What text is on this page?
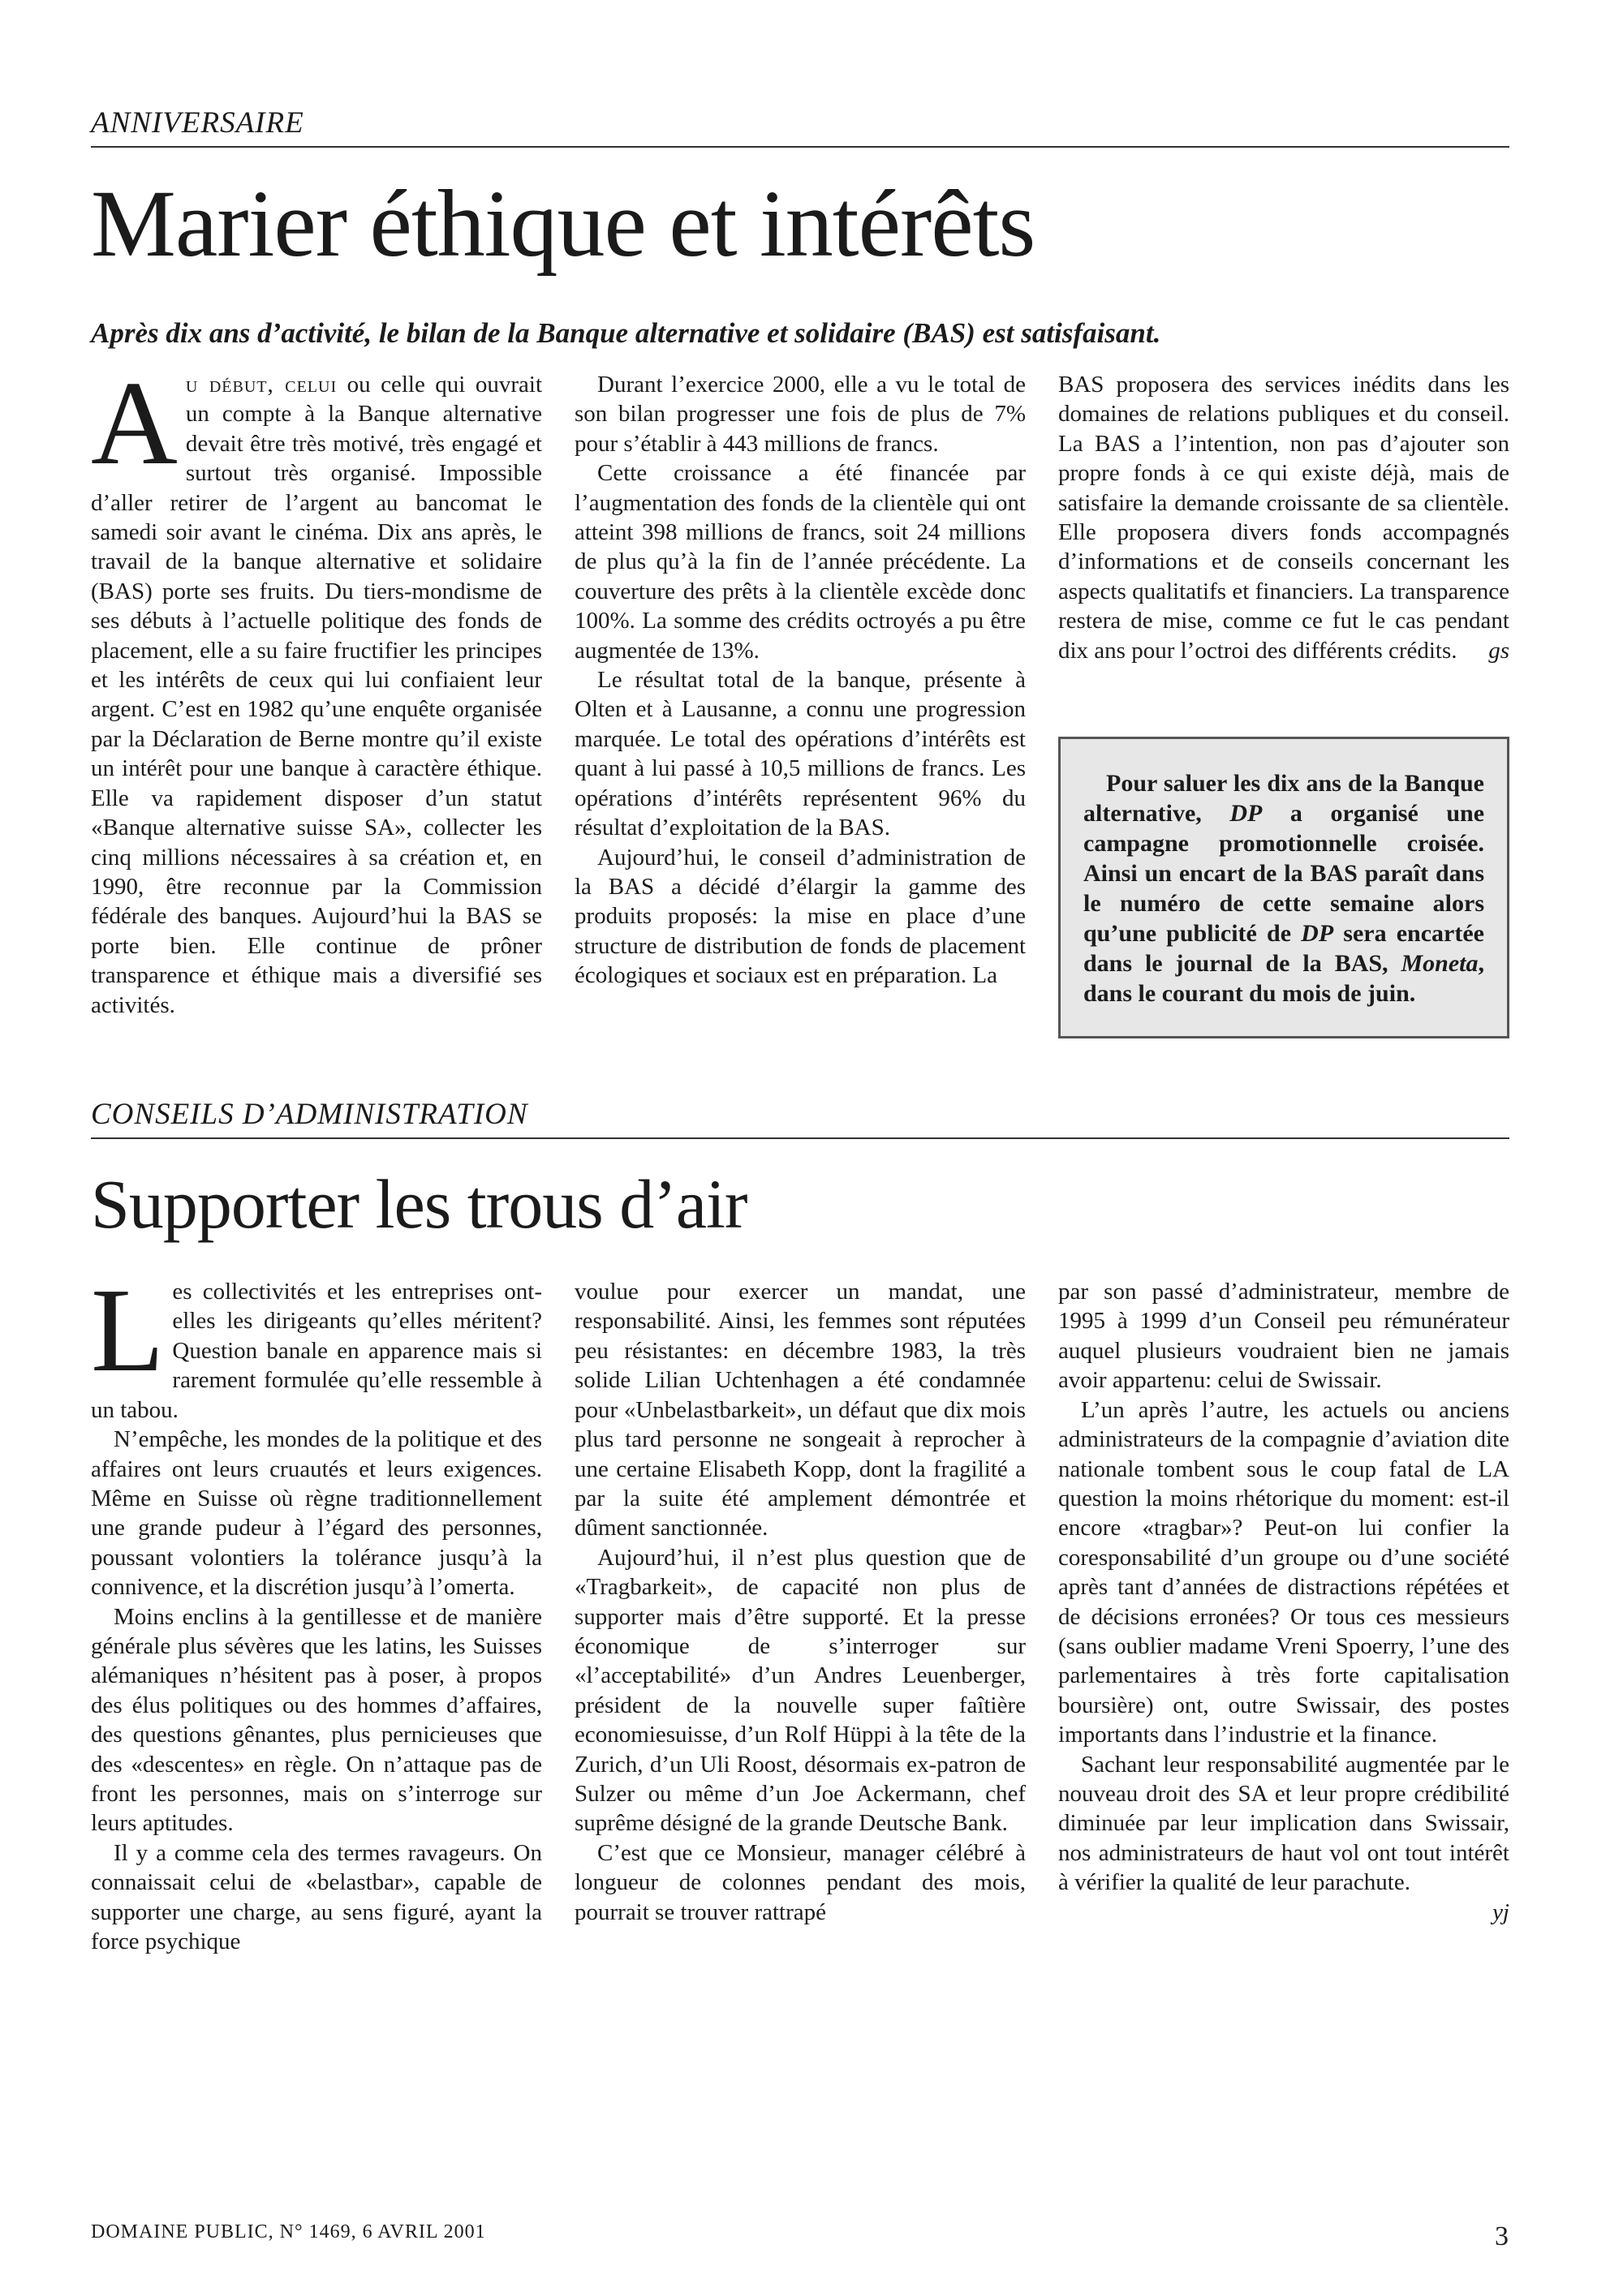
ANNIVERSAIRE
Marier éthique et intérêts
Après dix ans d’activité, le bilan de la Banque alternative et solidaire (BAS) est satisfaisant.

Au début, celui ou celle qui ouvrait un compte à la Banque alternative devait être très motivé, très engagé et surtout très organisé. Impossible d’aller retirer de l’argent au bancomat le samedi soir avant le cinéma. Dix ans après, le travail de la banque alternative et solidaire (BAS) porte ses fruits. Du tiers-mondisme de ses débuts à l’actuelle politique des fonds de placement, elle a su faire fructifier les principes et les intérêts de ceux qui lui confiaient leur argent. C’est en 1982 qu’une enquête organisée par la Déclaration de Berne montre qu’il existe un intérêt pour une banque à caractère éthique. Elle va rapidement disposer d’un statut «Banque alternative suisse SA», collecter les cinq millions nécessaires à sa création et, en 1990, être reconnue par la Commission fédérale des banques. Aujourd’hui la BAS se porte bien. Elle continue de prôner transparence et éthique mais a diversifié ses activités.

Durant l’exercice 2000, elle a vu le total de son bilan progresser une fois de plus de 7% pour s’établir à 443 millions de francs.

Cette croissance a été financée par l’augmentation des fonds de la clientèle qui ont atteint 398 millions de francs, soit 24 millions de plus qu’à la fin de l’année précédente. La couverture des prêts à la clientèle excède donc 100%. La somme des crédits octroyés a pu être augmentée de 13%.

Le résultat total de la banque, présente à Olten et à Lausanne, a connu une progression marquée. Le total des opérations d’intérêts est quant à lui passé à 10,5 millions de francs. Les opérations d’intérêts représentent 96% du résultat d’exploitation de la BAS.

Aujourd’hui, le conseil d’administration de la BAS a décidé d’élargir la gamme des produits proposés: la mise en place d’une structure de distribution de fonds de placement écologiques et sociaux est en préparation. La

BAS proposera des services inédits dans les domaines de relations publiques et du conseil. La BAS a l’intention, non pas d’ajouter son propre fonds à ce qui existe déjà, mais de satisfaire la demande croissante de sa clientèle. Elle proposera divers fonds accompagnés d’informations et de conseils concernant les aspects qualitatifs et financiers. La transparence restera de mise, comme ce fut le cas pendant dix ans pour l’octroi des différents crédits. gs

Pour saluer les dix ans de la Banque alternative, DP a organisé une campagne promotionnelle croisée. Ainsi un encart de la BAS paraît dans le numéro de cette semaine alors qu’une publicité de DP sera encartée dans le journal de la BAS, Moneta, dans le courant du mois de juin.

CONSEILS D’ADMINISTRATION
Supporter les trous d’air

Les collectivités et les entreprises ont-elles les dirigeants qu’elles méritent? Question banale en apparence mais si rarement formulée qu’elle ressemble à un tabou.

N’empêche, les mondes de la politique et des affaires ont leurs cruautés et leurs exigences. Même en Suisse où règne traditionnellement une grande pudeur à l’égard des personnes, poussant volontiers la tolérance jusqu’à la connivence, et la discrétion jusqu’à l’omerta.

Moins enclins à la gentillesse et de manière générale plus sévères que les latins, les Suisses alémaniques n’hésitent pas à poser, à propos des élus politiques ou des hommes d’affaires, des questions gênantes, plus pernicieuses que des «descentes» en règle. On n’attaque pas de front les personnes, mais on s’interroge sur leurs aptitudes.

Il y a comme cela des termes ravageurs. On connaissait celui de «belastbar», capable de supporter une charge, au sens figuré, ayant la force psychique

voulue pour exercer un mandat, une responsabilité. Ainsi, les femmes sont réputées peu résistantes: en décembre 1983, la très solide Lilian Uchtenhagen a été condamnée pour «Unbelastbarkeit», un défaut que dix mois plus tard personne ne songeait à reprocher à une certaine Elisabeth Kopp, dont la fragilité a par la suite été amplement démontrée et dûment sanctionnée.

Aujourd’hui, il n’est plus question que de «Tragbarkeit», de capacité non plus de supporter mais d’être supporté. Et la presse économique de s’interroger sur «l’acceptabilité» d’un Andres Leuenberger, président de la nouvelle super faîtière economiesuisse, d’un Rolf Hüppi à la tête de la Zurich, d’un Uli Roost, désormais ex-patron de Sulzer ou même d’un Joe Ackermann, chef suprême désigné de la grande Deutsche Bank.

C’est que ce Monsieur, manager célébré à longueur de colonnes pendant des mois, pourrait se trouver rattrapé

par son passé d’administrateur, membre de 1995 à 1999 d’un Conseil peu rémunérateur auquel plusieurs voudraient bien ne jamais avoir appartenu: celui de Swissair.

L’un après l’autre, les actuels ou anciens administrateurs de la compagnie d’aviation dite nationale tombent sous le coup fatal de LA question la moins rhétorique du moment: est-il encore «tragbar»? Peut-on lui confier la coresponsabilité d’un groupe ou d’une société après tant d’années de distractions répétées et de décisions erronées? Or tous ces messieurs (sans oublier madame Vreni Spoerry, l’une des parlementaires à très forte capitalisation boursière) ont, outre Swissair, des postes importants dans l’industrie et la finance.

Sachant leur responsabilité augmentée par le nouveau droit des SA et leur propre crédibilité diminuée par leur implication dans Swissair, nos administrateurs de haut vol ont tout intérêt à vérifier la qualité de leur parachute.

yj

DOMAINE PUBLIC, N° 1469, 6 AVRIL 2001	3
